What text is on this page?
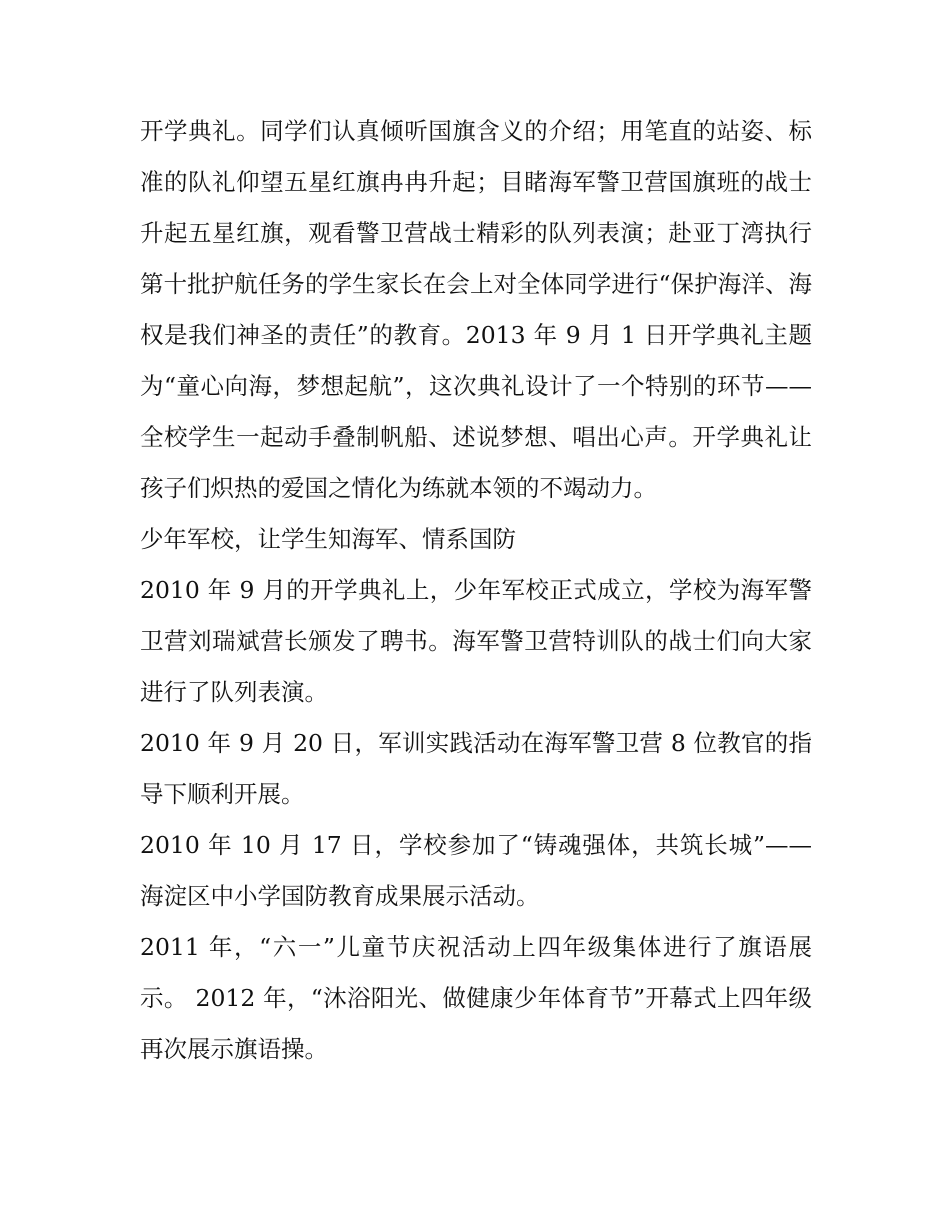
开学典礼。同学们认真倾听国旗含义的介绍；用笔直的站姿、标准的队礼仰望五星红旗冉冉升起；目睹海军警卫营国旗班的战士升起五星红旗，观看警卫营战士精彩的队列表演；赴亚丁湾执行第十批护航任务的学生家长在会上对全体同学进行“保护海洋、海权是我们神圣的责任”的教育。2013 年 9 月 1 日开学典礼主题为“童心向海，梦想起航”，这次典礼设计了一个特别的环节——全校学生一起动手叠制帆船、述说梦想、唱出心声。开学典礼让孩子们炽热的爱国之情化为练就本领的不竭动力。

少年军校，让学生知海军、情系国防

2010 年 9 月的开学典礼上，少年军校正式成立，学校为海军警卫营刘瑞斌营长颁发了聘书。海军警卫营特训队的战士们向大家进行了队列表演。

2010 年 9 月 20 日，军训实践活动在海军警卫营 8 位教官的指导下顺利开展。

2010 年 10 月 17 日，学校参加了“铸魂强体，共筑长城”——海淀区中小学国防教育成果展示活动。

2011 年，“六一”儿童节庆祝活动上四年级集体进行了旗语展示。 2012 年，“沐浴阳光、做健康少年体育节”开幕式上四年级再次展示旗语操。
